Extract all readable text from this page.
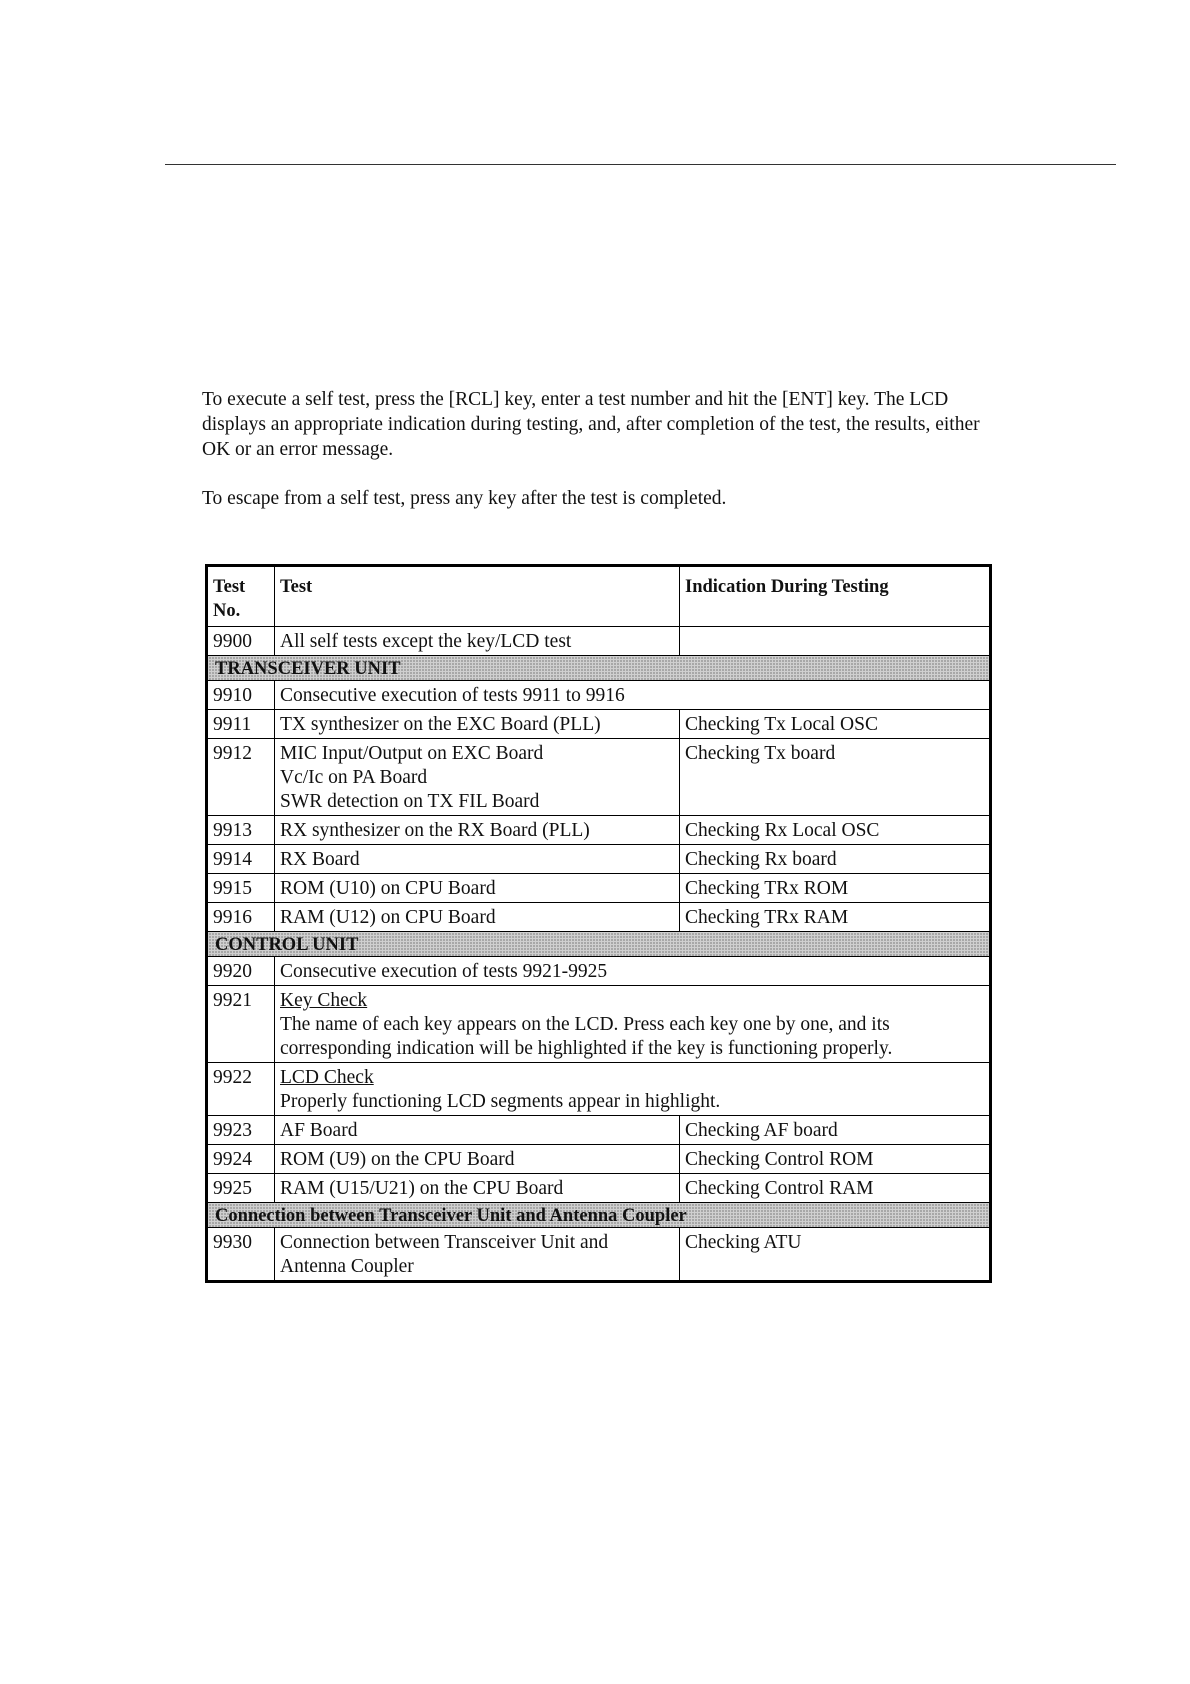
To execute a self test, press the [RCL] key, enter a test number and hit the [ENT] key. The LCD displays an appropriate indication during testing, and, after completion of the test, the results, either OK or an error message.

To escape from a self test, press any key after the test is completed.

Test No.	Test	Indication During Testing
9900	All self tests except the key/LCD test	
TRANSCEIVER UNIT		
9910	Consecutive execution of tests 9911 to 9916	
9911	TX synthesizer on the EXC Board (PLL)	Checking Tx Local OSC
9912	MIC Input/Output on EXC Board
Vc/Ic on PA Board
SWR detection on TX FIL Board	Checking Tx board
9913	RX synthesizer on the RX Board (PLL)	Checking Rx Local OSC
9914	RX Board	Checking Rx board
9915	ROM (U10) on CPU Board	Checking TRx ROM
9916	RAM (U12) on CPU Board	Checking TRx RAM
CONTROL UNIT		
9920	Consecutive execution of tests 9921-9925	
9921	Key Check
The name of each key appears on the LCD. Press each key one by one, and its corresponding indication will be highlighted if the key is functioning properly.	

9922	LCD Check
Properly functioning LCD segments appear in highlight.	

9923	AF Board	Checking AF board
9924	ROM (U9) on the CPU Board	Checking Control ROM
9925	RAM (U15/U21) on the CPU Board	Checking Control RAM
Connection between Transceiver Unit and Antenna Coupler		
9930	Connection between Transceiver Unit and Antenna Coupler	Checking ATU
